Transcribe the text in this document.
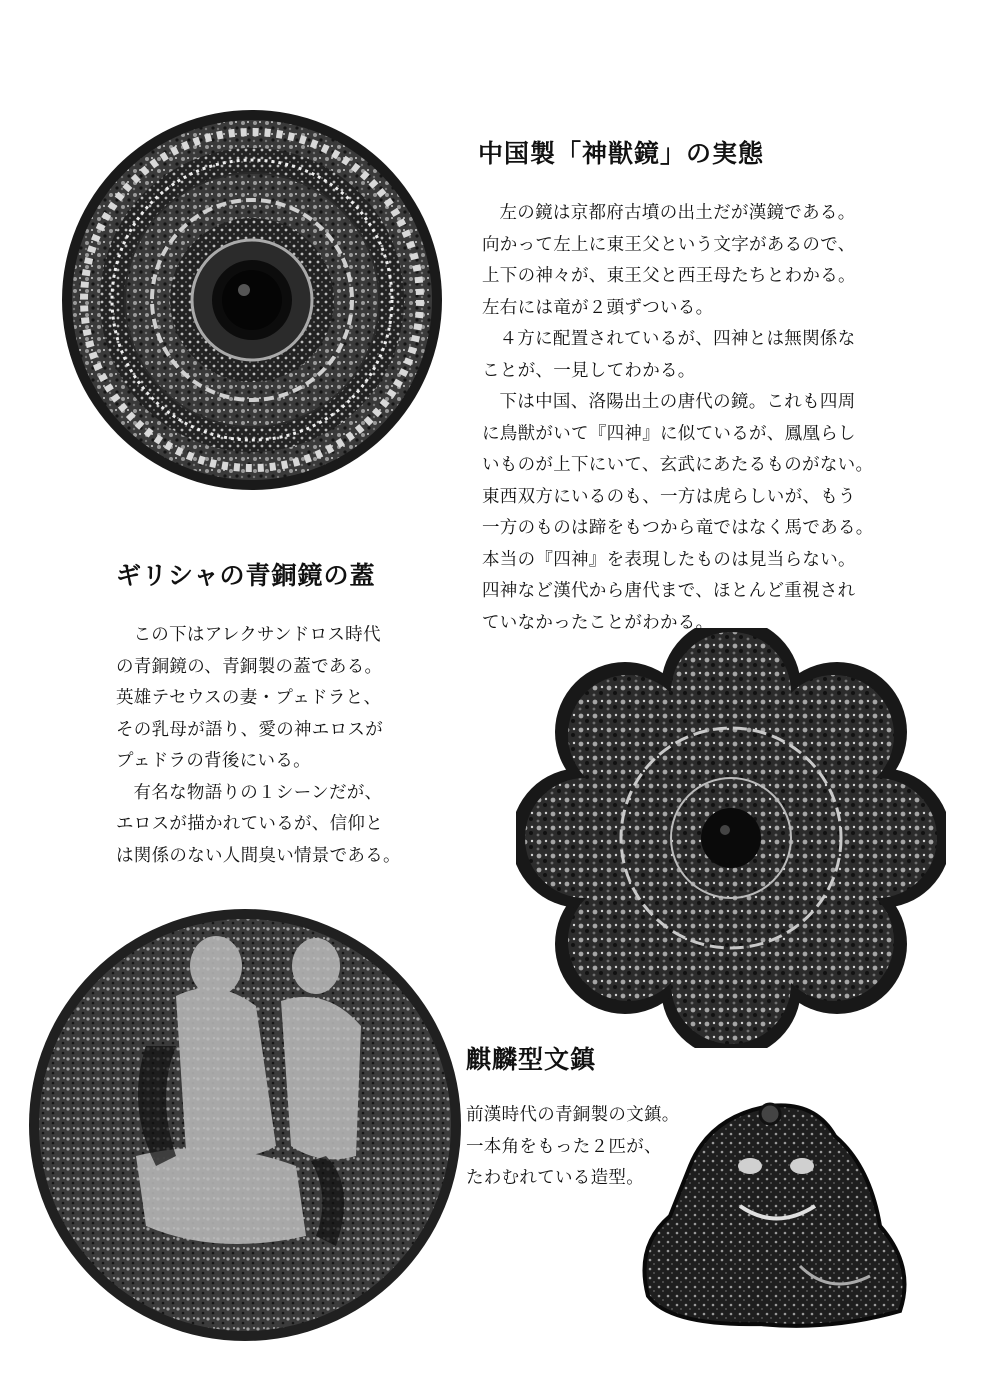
中国製「神獣鏡」の実態
左の鏡は京都府古墳の出土だが漢鏡である。
向かって左上に東王父という文字があるので、
上下の神々が、東王父と西王母たちとわかる。
左右には竜が２頭ずついる。
４方に配置されているが、四神とは無関係な
ことが、一見してわかる。
下は中国、洛陽出土の唐代の鏡。これも四周
に鳥獣がいて『四神』に似ているが、鳳凰らし
いものが上下にいて、玄武にあたるものがない。
東西双方にいるのも、一方は虎らしいが、もう
一方のものは蹄をもつから竜ではなく馬である。
本当の『四神』を表現したものは見当らない。
四神など漢代から唐代まで、ほとんど重視され
ていなかったことがわかる。
ギリシャの青銅鏡の蓋
この下はアレクサンドロス時代
の青銅鏡の、青銅製の蓋である。
英雄テセウスの妻・プェドラと、
その乳母が語り、愛の神エロスが
プェドラの背後にいる。
有名な物語りの１シーンだが、
エロスが描かれているが、信仰と
は関係のない人間臭い情景である。
麒麟型文鎮
前漢時代の青銅製の文鎮。
一本角をもった２匹が、
たわむれている造型。
